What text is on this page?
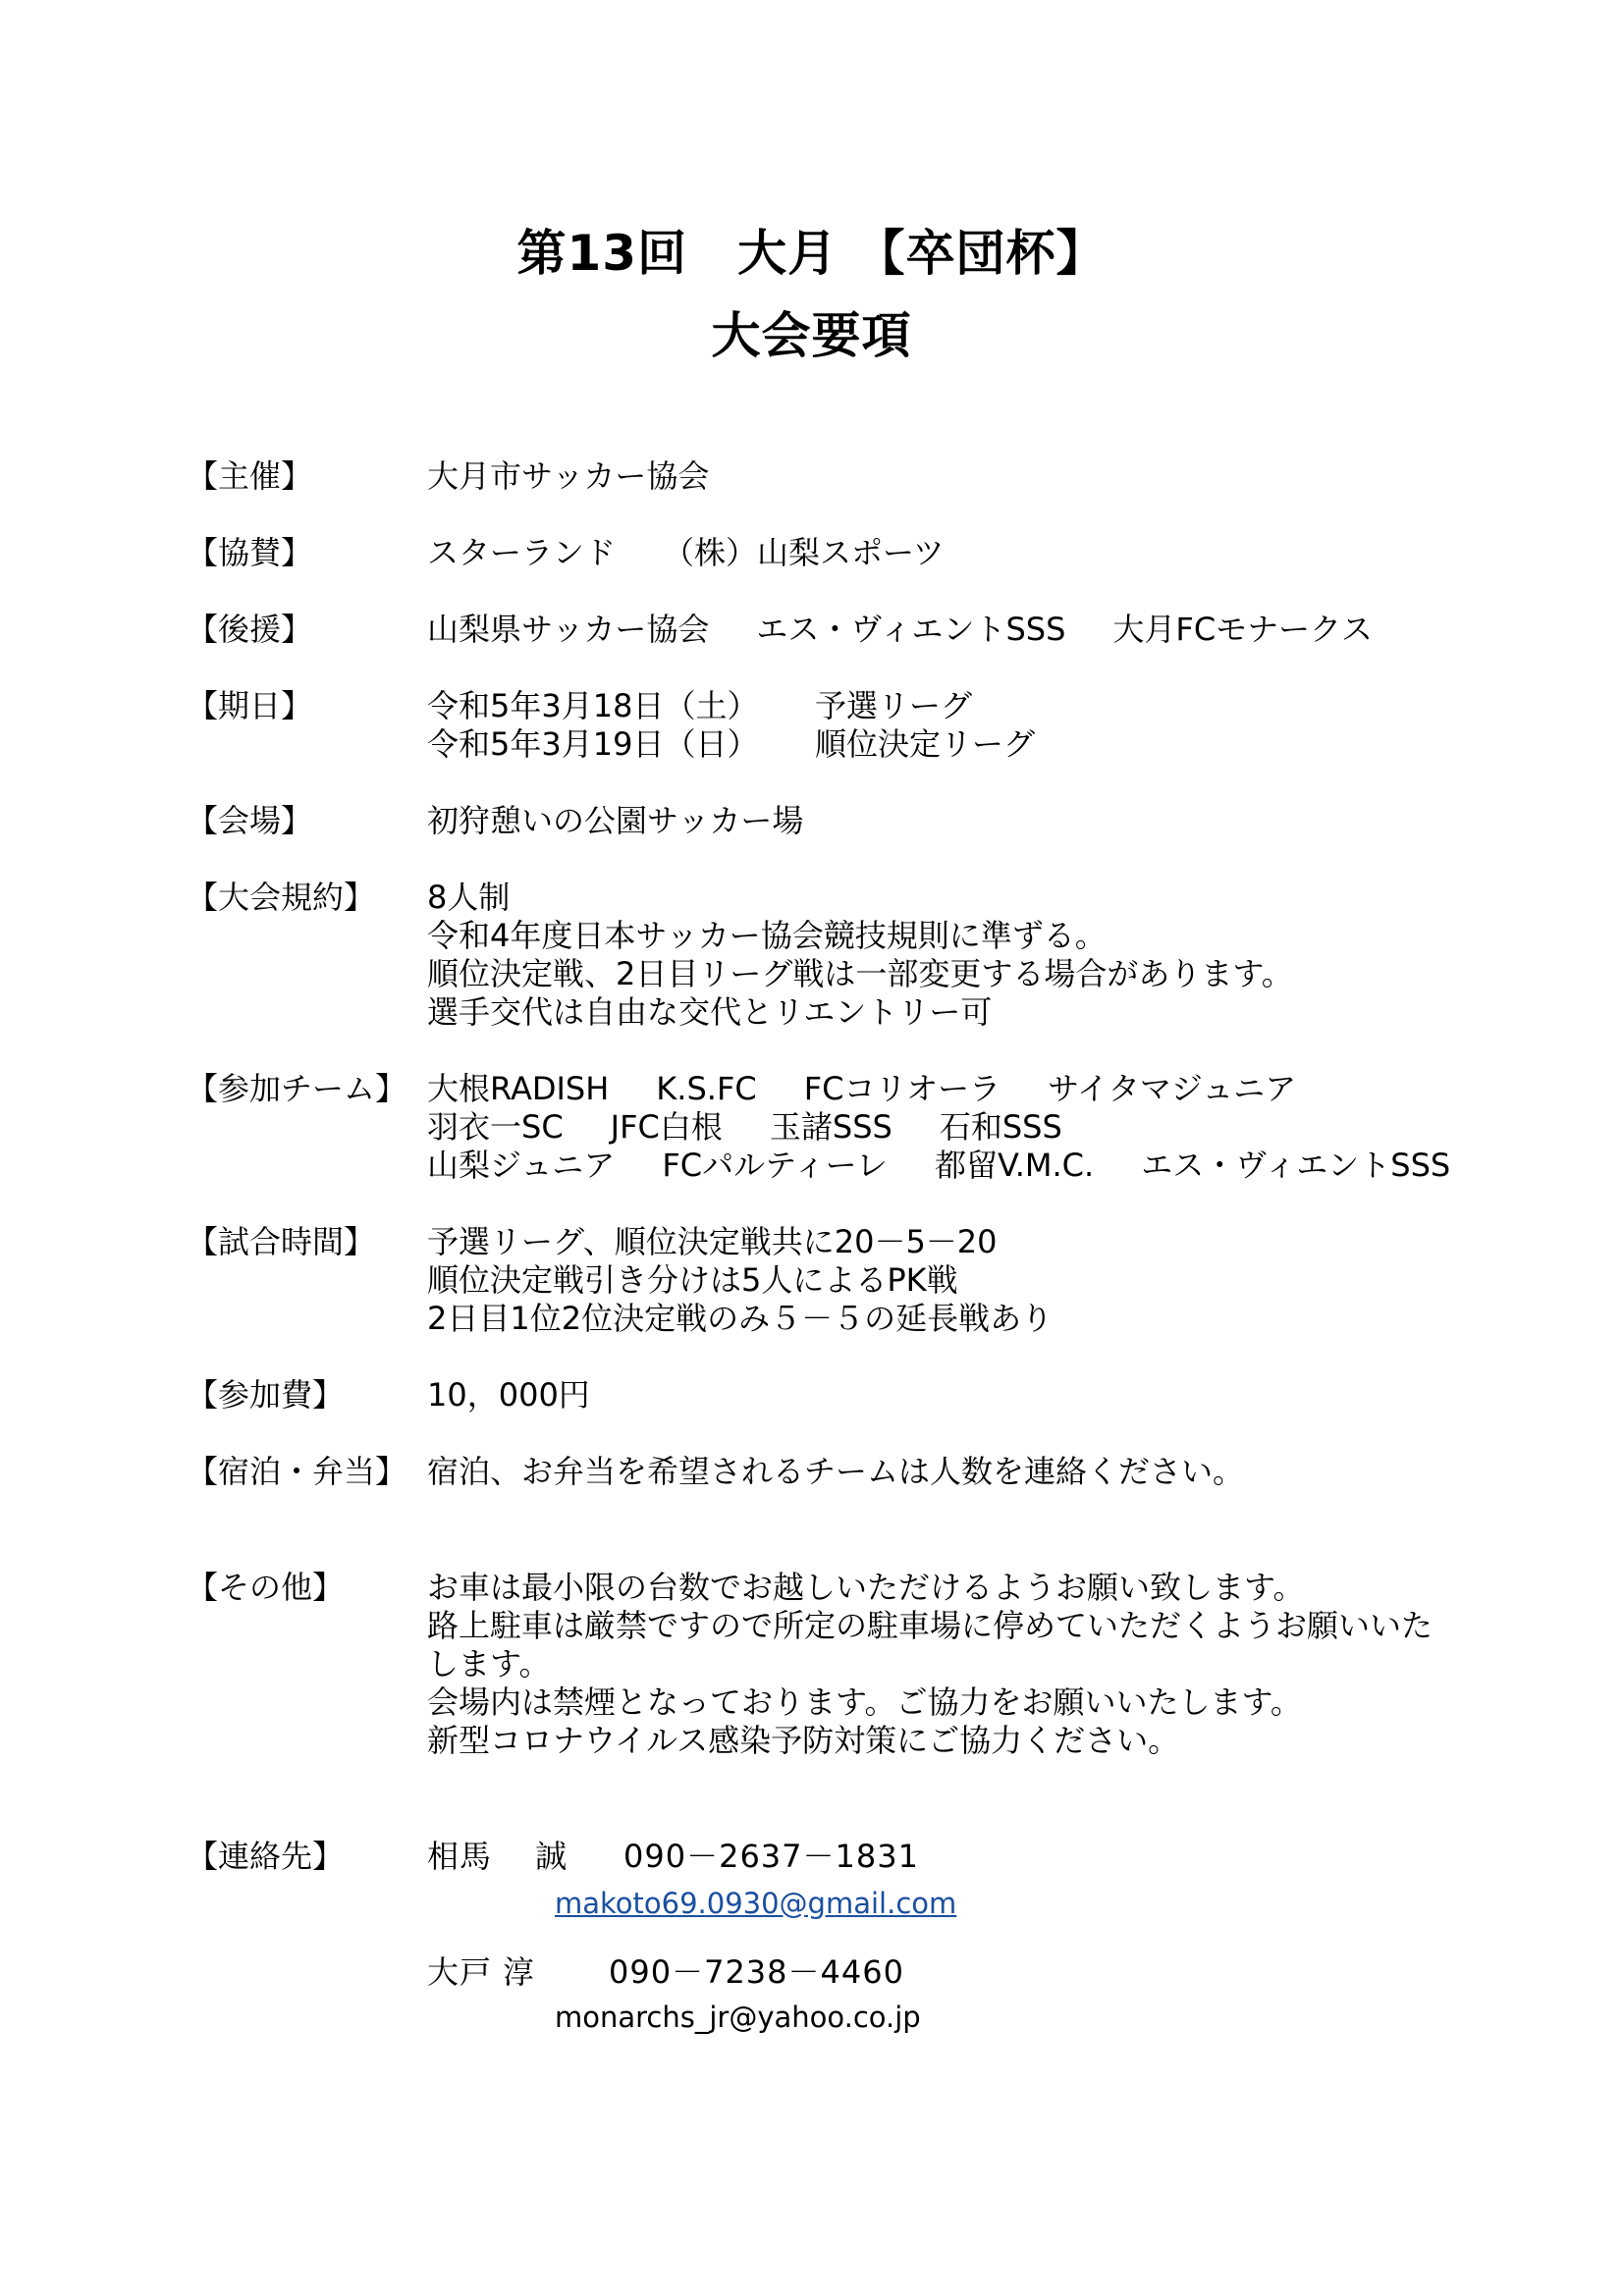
第13回　大月 【卒団杯】
大会要項
【主催】	大月市サッカー協会
【協賛】	スターランド （株）山梨スポーツ
【後援】	山梨県サッカー協会 エス・ヴィエントSSS 大月FCモナークス
【期日】	令和5年3月18日（土） 予選リーグ
令和5年3月19日（日） 順位決定リーグ
【会場】	初狩憩いの公園サッカー場
【大会規約】 8人制
令和4年度日本サッカー協会競技規則に準ずる。
順位決定戦、2日目リーグ戦は一部変更する場合があります。
選手交代は自由な交代とリエントリー可
【参加チーム】 大根RADISH K.S.FC FCコリオーラ サイタマジュニア
羽衣一SC JFC白根 玉諸SSS 石和SSS
山梨ジュニア FCパルティーレ 都留V.M.C. エス・ヴィエントSSS
【試合時間】 予選リーグ、順位決定戦共に20－5－20
順位決定戦引き分けは5人によるPK戦
2日目1位2位決定戦のみ５－５の延長戦あり
【参加費】	10，000円
【宿泊・弁当】 宿泊、お弁当を希望されるチームは人数を連絡ください。
【その他】	お車は最小限の台数でお越しいただけるようお願い致します。
路上駐車は厳禁ですので所定の駐車場に停めていただくようお願いいたします。
会場内は禁煙となっております。ご協力をお願いいたします。
新型コロナウイルス感染予防対策にご協力ください。
【連絡先】	相馬　 誠 090－2637－1831
makoto69.0930@gmail.com
大戸 淳 090－7238－4460
monarchs_jr@yahoo.co.jp
